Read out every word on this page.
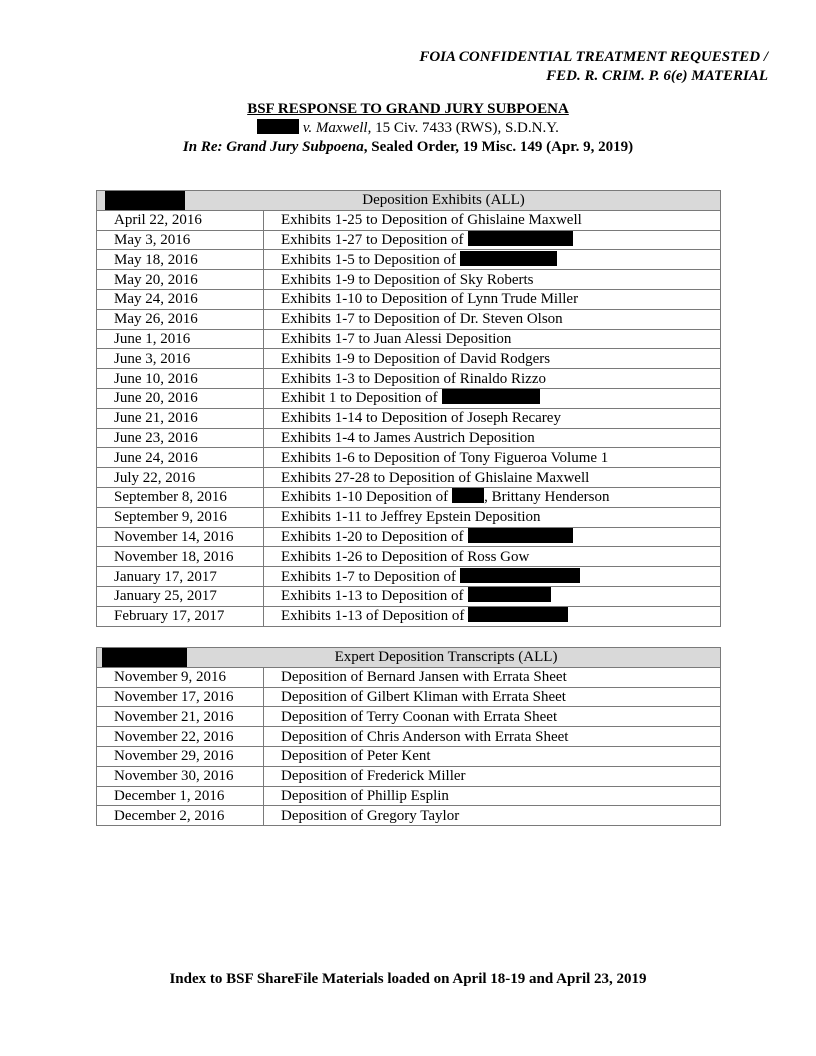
FOIA CONFIDENTIAL TREATMENT REQUESTED /
FED. R. CRIM. P. 6(e) MATERIAL
BSF RESPONSE TO GRAND JURY SUBPOENA
v. Maxwell, 15 Civ. 7433 (RWS), S.D.N.Y.
In Re: Grand Jury Subpoena, Sealed Order, 19 Misc. 149 (Apr. 9, 2019)
Deposition Exhibits (ALL)	
April 22, 2016	Exhibits 1-25 to Deposition of Ghislaine Maxwell
May 3, 2016	Exhibits 1-27 to Deposition of
May 18, 2016	Exhibits 1-5 to Deposition of
May 20, 2016	Exhibits 1-9 to Deposition of Sky Roberts
May 24, 2016	Exhibits 1-10 to Deposition of Lynn Trude Miller
May 26, 2016	Exhibits 1-7 to Deposition of Dr. Steven Olson
June 1, 2016	Exhibits 1-7 to Juan Alessi Deposition
June 3, 2016	Exhibits 1-9 to Deposition of David Rodgers
June 10, 2016	Exhibits 1-3 to Deposition of Rinaldo Rizzo
June 20, 2016	Exhibit 1 to Deposition of
June 21, 2016	Exhibits 1-14 to Deposition of Joseph Recarey
June 23, 2016	Exhibits 1-4 to James Austrich Deposition
June 24, 2016	Exhibits 1-6 to Deposition of Tony Figueroa Volume 1
July 22, 2016	Exhibits 27-28 to Deposition of Ghislaine Maxwell
September 8, 2016	Exhibits 1-10 Deposition of , Brittany Henderson
September 9, 2016	Exhibits 1-11 to Jeffrey Epstein Deposition
November 14, 2016	Exhibits 1-20 to Deposition of
November 18, 2016	Exhibits 1-26 to Deposition of Ross Gow
January 17, 2017	Exhibits 1-7 to Deposition of
January 25, 2017	Exhibits 1-13 to Deposition of
February 17, 2017	Exhibits 1-13 of Deposition of
Expert Deposition Transcripts (ALL)	
November 9, 2016	Deposition of Bernard Jansen with Errata Sheet
November 17, 2016	Deposition of Gilbert Kliman with Errata Sheet
November 21, 2016	Deposition of Terry Coonan with Errata Sheet
November 22, 2016	Deposition of Chris Anderson with Errata Sheet
November 29, 2016	Deposition of Peter Kent
November 30, 2016	Deposition of Frederick Miller
December 1, 2016	Deposition of Phillip Esplin
December 2, 2016	Deposition of Gregory Taylor
Index to BSF ShareFile Materials loaded on April 18-19 and April 23, 2019
